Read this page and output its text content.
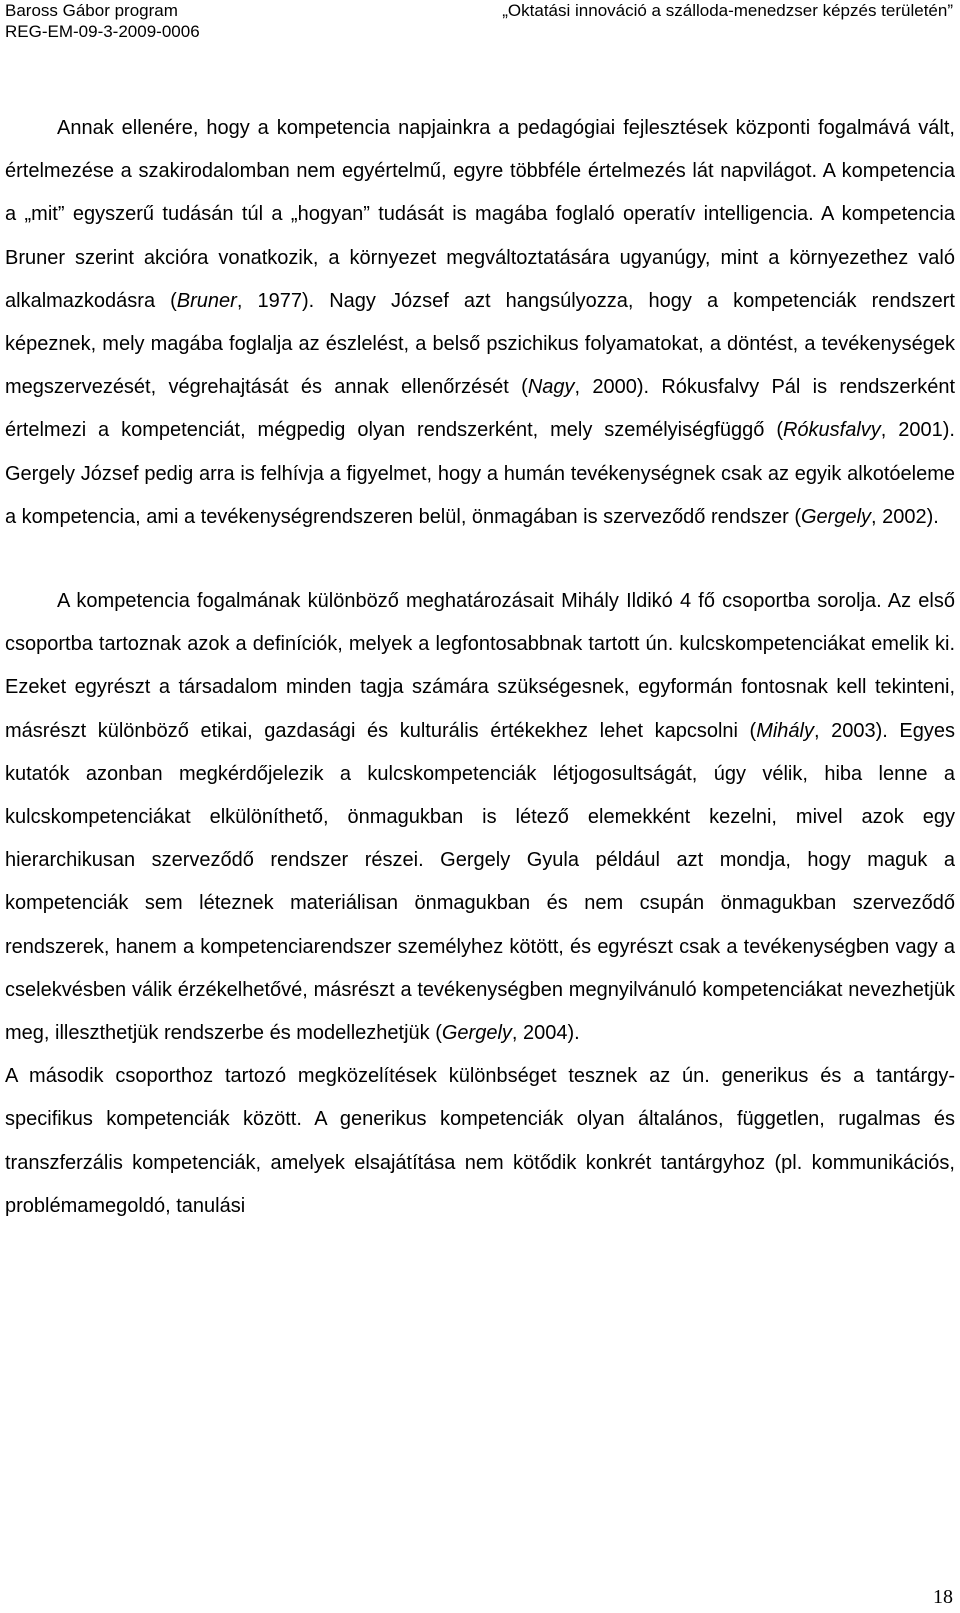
Baross Gábor program	„Oktatási innováció a szálloda-menedzser képzés területén”
REG-EM-09-3-2009-0006

Annak ellenére, hogy a kompetencia napjainkra a pedagógiai fejlesztések központi fogalmává vált, értelmezése a szakirodalomban nem egyértelmű, egyre többféle értelmezés lát napvilágot. A kompetencia a „mit” egyszerű tudásán túl a „hogyan” tudását is magába foglaló operatív intelligencia. A kompetencia Bruner szerint akcióra vonatkozik, a környezet megváltoztatására ugyanúgy, mint a környezethez való alkalmazkodásra (Bruner, 1977). Nagy József azt hangsúlyozza, hogy a kompetenciák rendszert képeznek, mely magába foglalja az észlelést, a belső pszichikus folyamatokat, a döntést, a tevékenységek megszervezését, végrehajtását és annak ellenőrzését (Nagy, 2000). Rókusfalvy Pál is rendszerként értelmezi a kompetenciát, mégpedig olyan rendszerként, mely személyiségfüggő (Rókusfalvy, 2001). Gergely József pedig arra is felhívja a figyelmet, hogy a humán tevékenységnek csak az egyik alkotóeleme a kompetencia, ami a tevékenységrendszeren belül, önmagában is szerveződő rendszer (Gergely, 2002).

A kompetencia fogalmának különböző meghatározásait Mihály Ildikó 4 fő csoportba sorolja. Az első csoportba tartoznak azok a definíciók, melyek a legfontosabbnak tartott ún. kulcskompetenciákat emelik ki. Ezeket egyrészt a társadalom minden tagja számára szükségesnek, egyformán fontosnak kell tekinteni, másrészt különböző etikai, gazdasági és kulturális értékekhez lehet kapcsolni (Mihály, 2003). Egyes kutatók azonban megkérdőjelezik a kulcskompetenciák létjogosultságát, úgy vélik, hiba lenne a kulcskompetenciákat elkülöníthető, önmagukban is létező elemekként kezelni, mivel azok egy hierarchikusan szerveződő rendszer részei. Gergely Gyula például azt mondja, hogy maguk a kompetenciák sem léteznek materiálisan önmagukban és nem csupán önmagukban szerveződő rendszerek, hanem a kompetenciarendszer személyhez kötött, és egyrészt csak a tevékenységben vagy a cselekvésben válik érzékelhetővé, másrészt a tevékenységben megnyilvánuló kompetenciákat nevezhetjük meg, illeszthetjük rendszerbe és modellezhetjük (Gergely, 2004).

A második csoporthoz tartozó megközelítések különbséget tesznek az ún. generikus és a tantárgy-specifikus kompetenciák között. A generikus kompetenciák olyan általános, független, rugalmas és transzferzális kompetenciák, amelyek elsajátítása nem kötődik konkrét tantárgyhoz (pl. kommunikációs, problémamegoldó, tanulási

18
